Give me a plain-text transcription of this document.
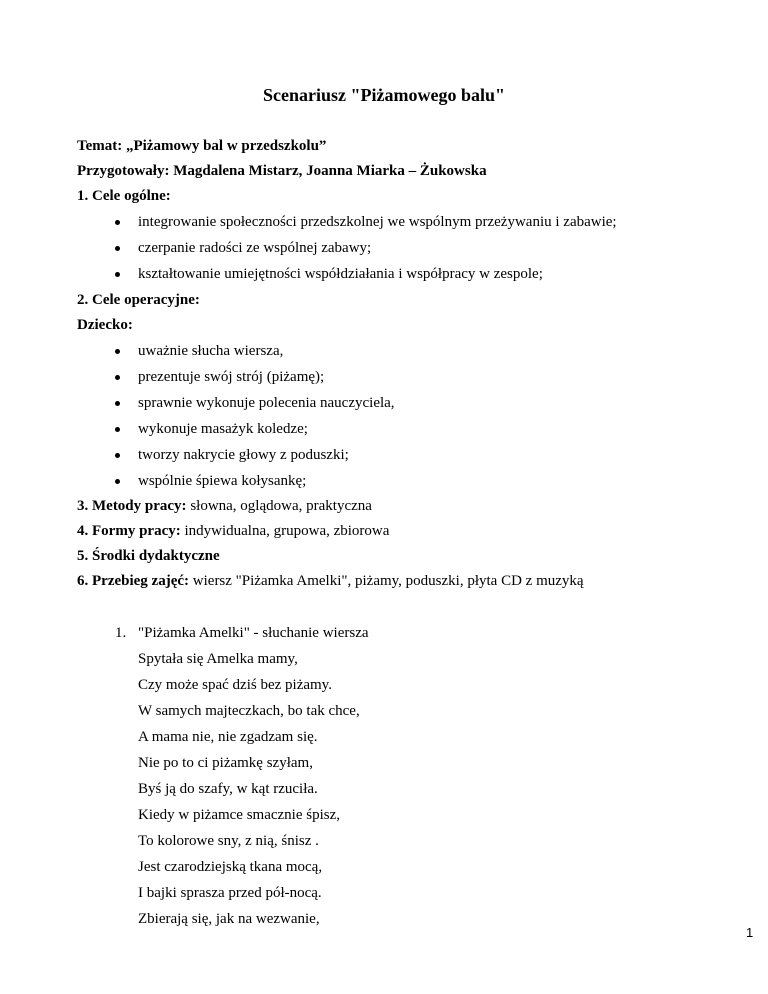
Scenariusz "Piżamowego balu"
Temat: „Piżamowy bal w przedszkolu”
Przygotowały: Magdalena Mistarz, Joanna Miarka – Żukowska
1. Cele ogólne:
integrowanie społeczności przedszkolnej we wspólnym przeżywaniu i zabawie;
czerpanie radości ze wspólnej zabawy;
kształtowanie umiejętności współdziałania i współpracy w zespole;
2. Cele operacyjne:
Dziecko:
uważnie słucha wiersza,
prezentuje swój strój (piżamę);
sprawnie wykonuje polecenia nauczyciela,
wykonuje masażyk koledze;
tworzy nakrycie głowy z poduszki;
wspólnie śpiewa kołysankę;
3. Metody pracy: słowna, oglądowa, praktyczna
4. Formy pracy: indywidualna, grupowa, zbiorowa
5. Środki dydaktyczne
6. Przebieg zajęć: wiersz "Piżamka Amelki", piżamy, poduszki, płyta CD z muzyką
1. "Piżamka Amelki" - słuchanie wiersza
Spytała się Amelka mamy,
Czy może spać dziś bez piżamy.
W samych majteczkach, bo tak chce,
A mama nie, nie zgadzam się.
Nie po to ci piżamkę szyłam,
Byś ją do szafy, w kąt rzuciła.
Kiedy w piżamce smacznie śpisz,
To kolorowe sny, z nią, śnisz .
Jest czarodziejską tkana mocą,
I bajki sprasza przed pół-nocą.
Zbierają się, jak na wezwanie,
1
